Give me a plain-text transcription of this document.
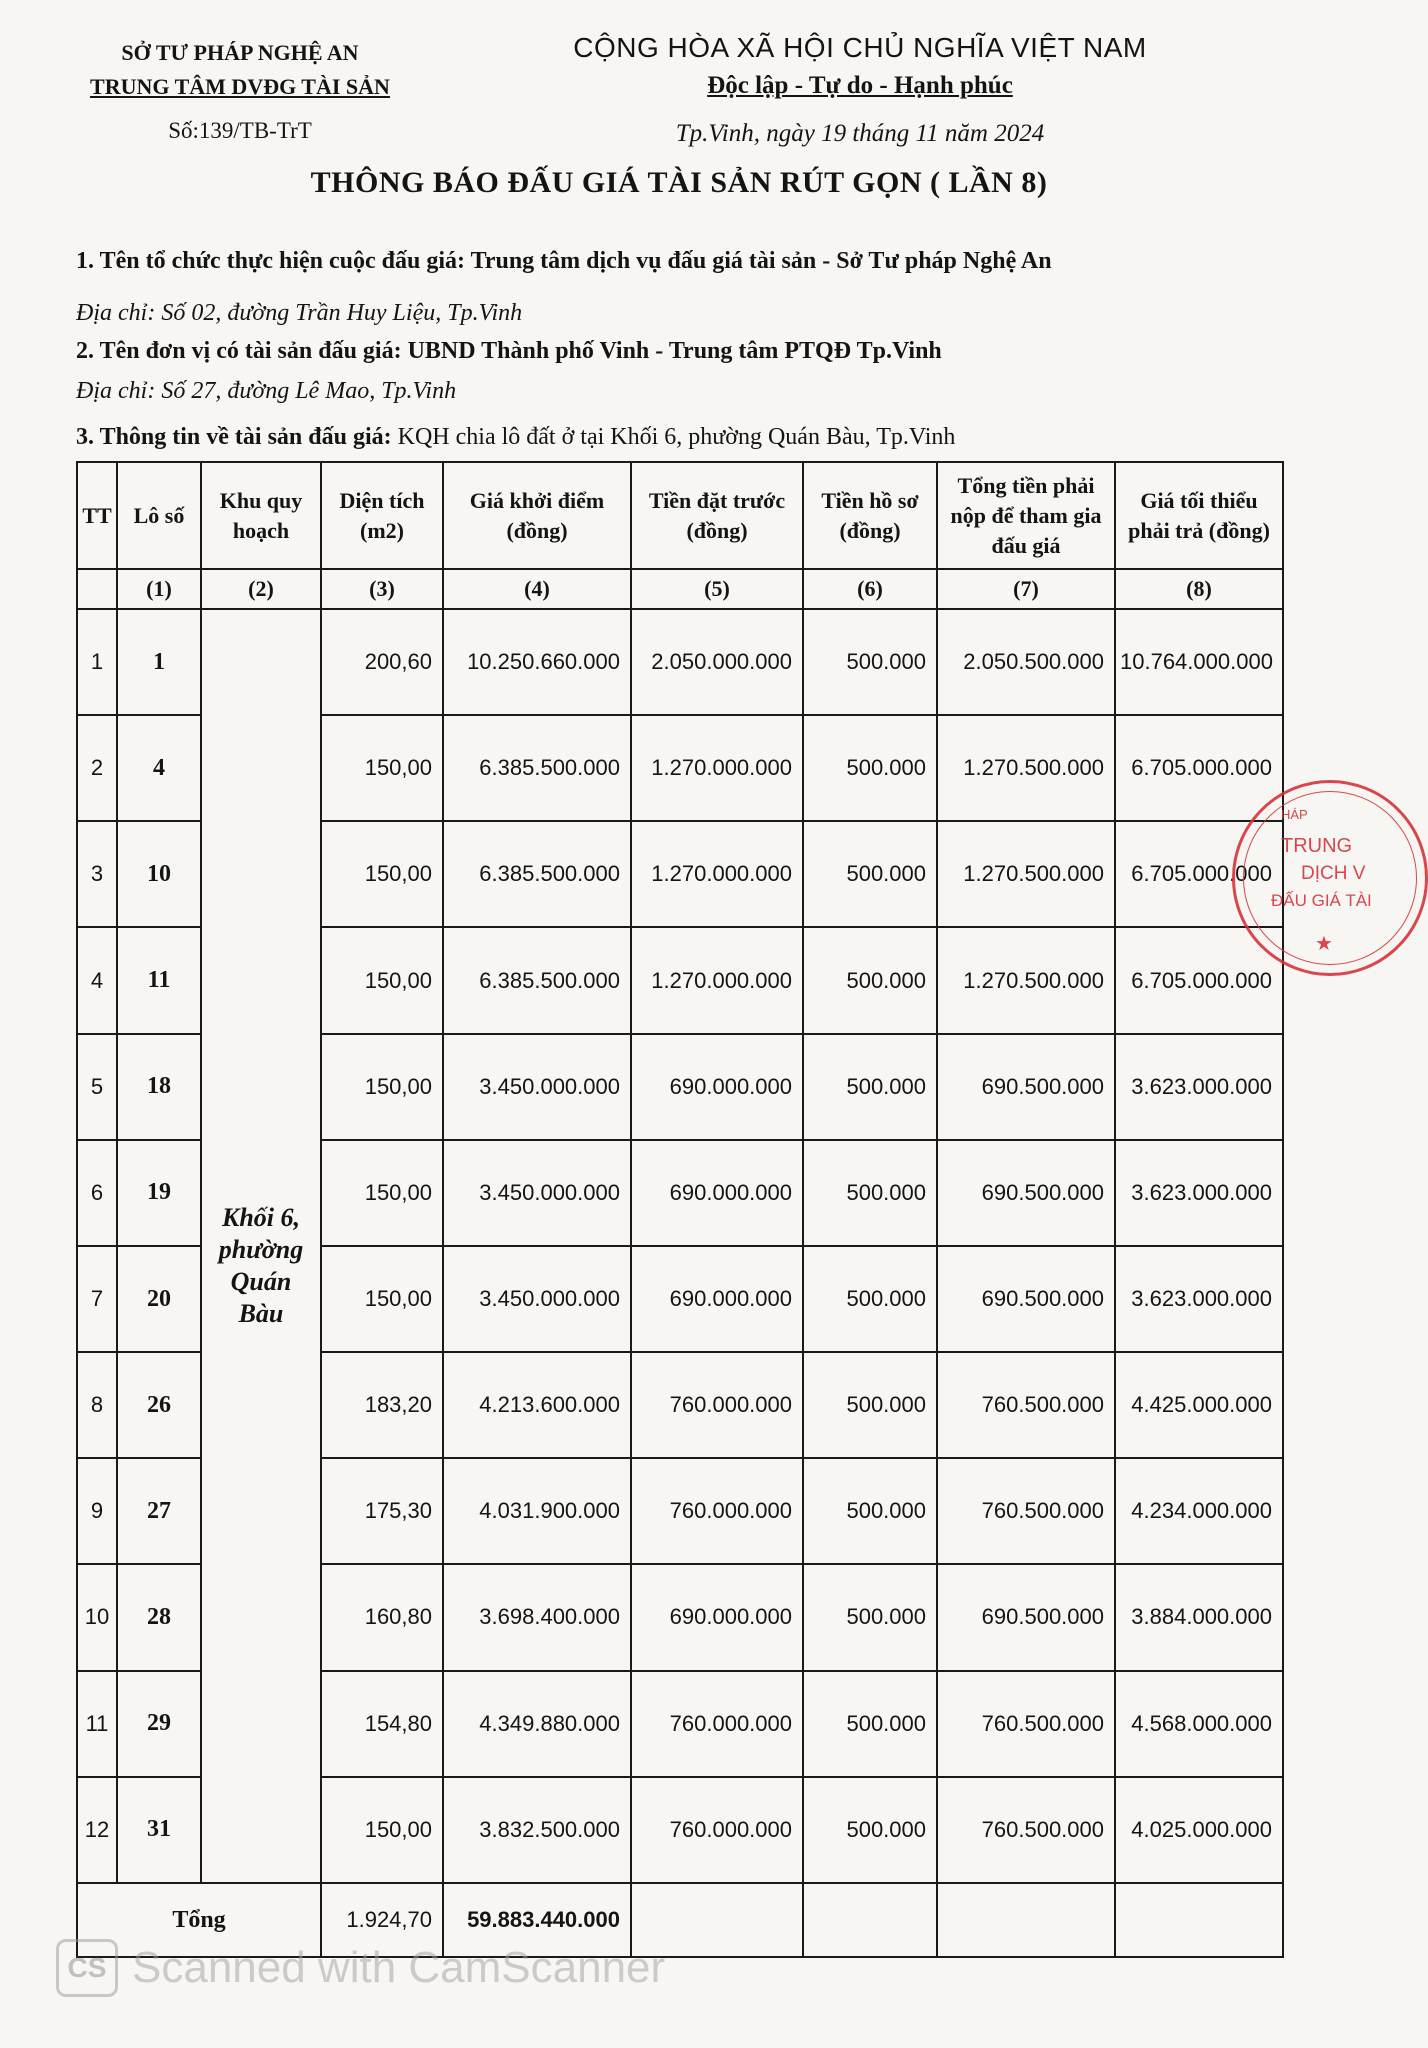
SỞ TƯ PHÁP NGHỆ AN
TRUNG TÂM DVĐG TÀI SẢN
Số:139/TB-TrT
CỘNG HÒA XÃ HỘI CHỦ NGHĨA VIỆT NAM
Độc lập - Tự do - Hạnh phúc
Tp.Vinh, ngày 19 tháng 11 năm 2024
THÔNG BÁO ĐẤU GIÁ TÀI SẢN RÚT GỌN ( LẦN 8)
1. Tên tổ chức thực hiện cuộc đấu giá: Trung tâm dịch vụ đấu giá tài sản - Sở Tư pháp Nghệ An
Địa chỉ: Số 02, đường Trần Huy Liệu, Tp.Vinh
2. Tên đơn vị có tài sản đấu giá: UBND Thành phố Vinh - Trung tâm PTQĐ Tp.Vinh
Địa chỉ: Số 27, đường Lê Mao, Tp.Vinh
3. Thông tin về tài sản đấu giá: KQH chia lô đất ở tại Khối 6, phường Quán Bàu, Tp.Vinh
TT	Lô số	Khu quy hoạch	Diện tích (m2)	Giá khởi điểm (đồng)	Tiền đặt trước (đồng)	Tiền hồ sơ (đồng)	Tổng tiền phải nộp để tham gia đấu giá	Giá tối thiểu phải trả (đồng)
	(1)	(2)	(3)	(4)	(5)	(6)	(7)	(8)
1	1	Khối 6, phường Quán Bàu	200,60	10.250.660.000	2.050.000.000	500.000	2.050.500.000	10.764.000.000
2	4		150,00	6.385.500.000	1.270.000.000	500.000	1.270.500.000	6.705.000.000
3	10		150,00	6.385.500.000	1.270.000.000	500.000	1.270.500.000	6.705.000.000
4	11		150,00	6.385.500.000	1.270.000.000	500.000	1.270.500.000	6.705.000.000
5	18		150,00	3.450.000.000	690.000.000	500.000	690.500.000	3.623.000.000
6	19		150,00	3.450.000.000	690.000.000	500.000	690.500.000	3.623.000.000
7	20		150,00	3.450.000.000	690.000.000	500.000	690.500.000	3.623.000.000
8	26		183,20	4.213.600.000	760.000.000	500.000	760.500.000	4.425.000.000
9	27		175,30	4.031.900.000	760.000.000	500.000	760.500.000	4.234.000.000
10	28		160,80	3.698.400.000	690.000.000	500.000	690.500.000	3.884.000.000
11	29		154,80	4.349.880.000	760.000.000	500.000	760.500.000	4.568.000.000
12	31		150,00	3.832.500.000	760.000.000	500.000	760.500.000	4.025.000.000
Tổng			1.924,70	59.883.440.000				
HÁP
TRUNG
DỊCH V
ĐẤU GIÁ TÀI
★
CS Scanned with CamScanner
